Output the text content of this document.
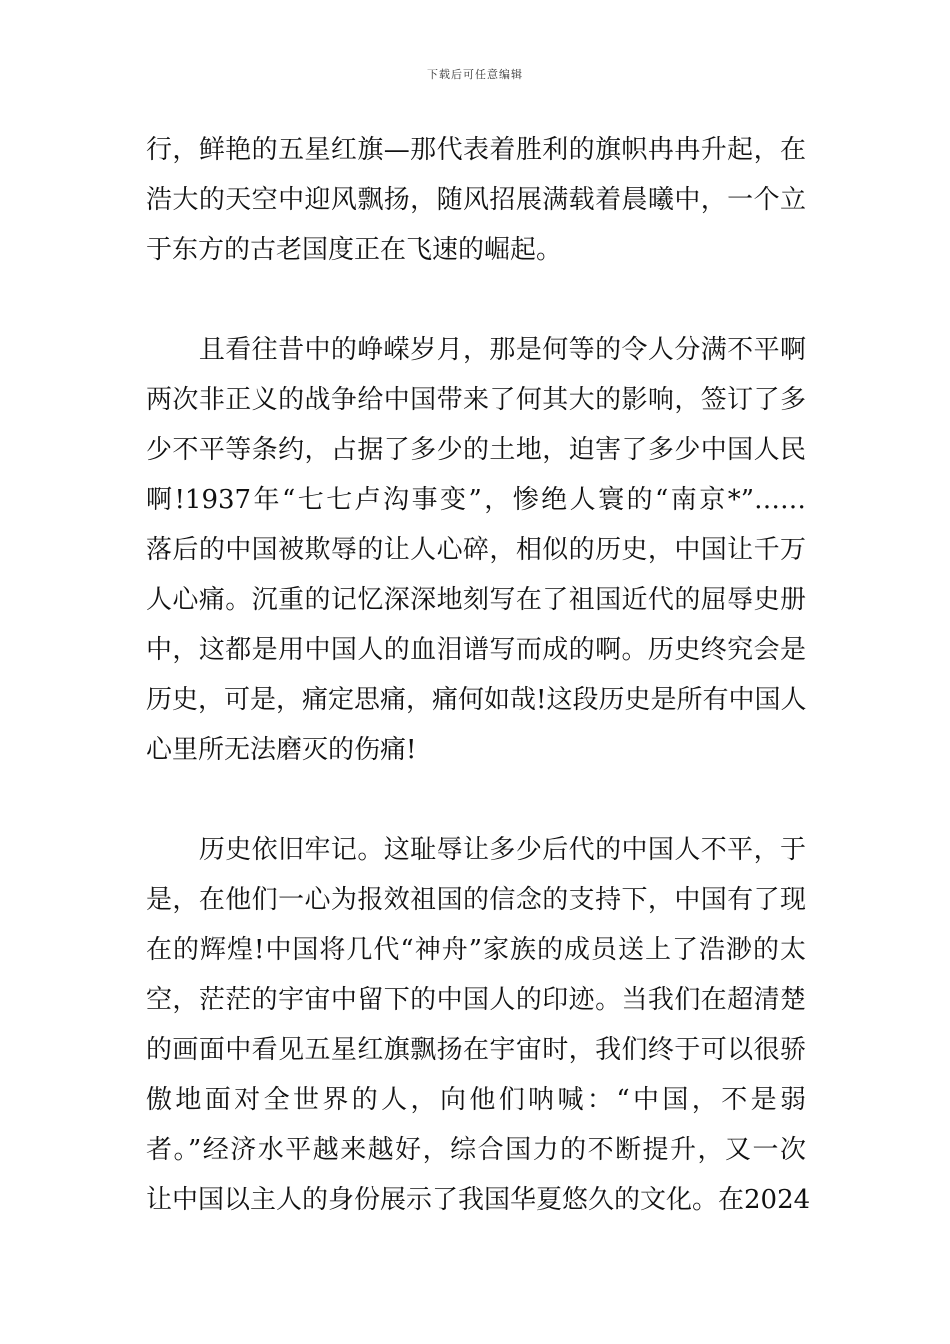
下载后可任意编辑
行，鲜艳的五星红旗—那代表着胜利的旗帜冉冉升起，在
浩大的天空中迎风飘扬，随风招展满载着晨曦中，一个立
于东方的古老国度正在飞速的崛起。
　　且看往昔中的峥嵘岁月，那是何等的令人分满不平啊
两次非正义的战争给中国带来了何其大的影响，签订了多
少不平等条约，占据了多少的土地，迫害了多少中国人民
啊!1937年“七七卢沟事变”，惨绝人寰的“南京*”……
落后的中国被欺辱的让人心碎，相似的历史，中国让千万
人心痛。沉重的记忆深深地刻写在了祖国近代的屈辱史册
中，这都是用中国人的血泪谱写而成的啊。历史终究会是
历史，可是，痛定思痛，痛何如哉!这段历史是所有中国人
心里所无法磨灭的伤痛!
　　历史依旧牢记。这耻辱让多少后代的中国人不平，于
是，在他们一心为报效祖国的信念的支持下，中国有了现
在的辉煌!中国将几代“神舟”家族的成员送上了浩渺的太
空，茫茫的宇宙中留下的中国人的印迹。当我们在超清楚
的画面中看见五星红旗飘扬在宇宙时，我们终于可以很骄
傲地面对全世界的人，向他们呐喊：“中国，不是弱
者。”经济水平越来越好，综合国力的不断提升，又一次
让中国以主人的身份展示了我国华夏悠久的文化。在2024
